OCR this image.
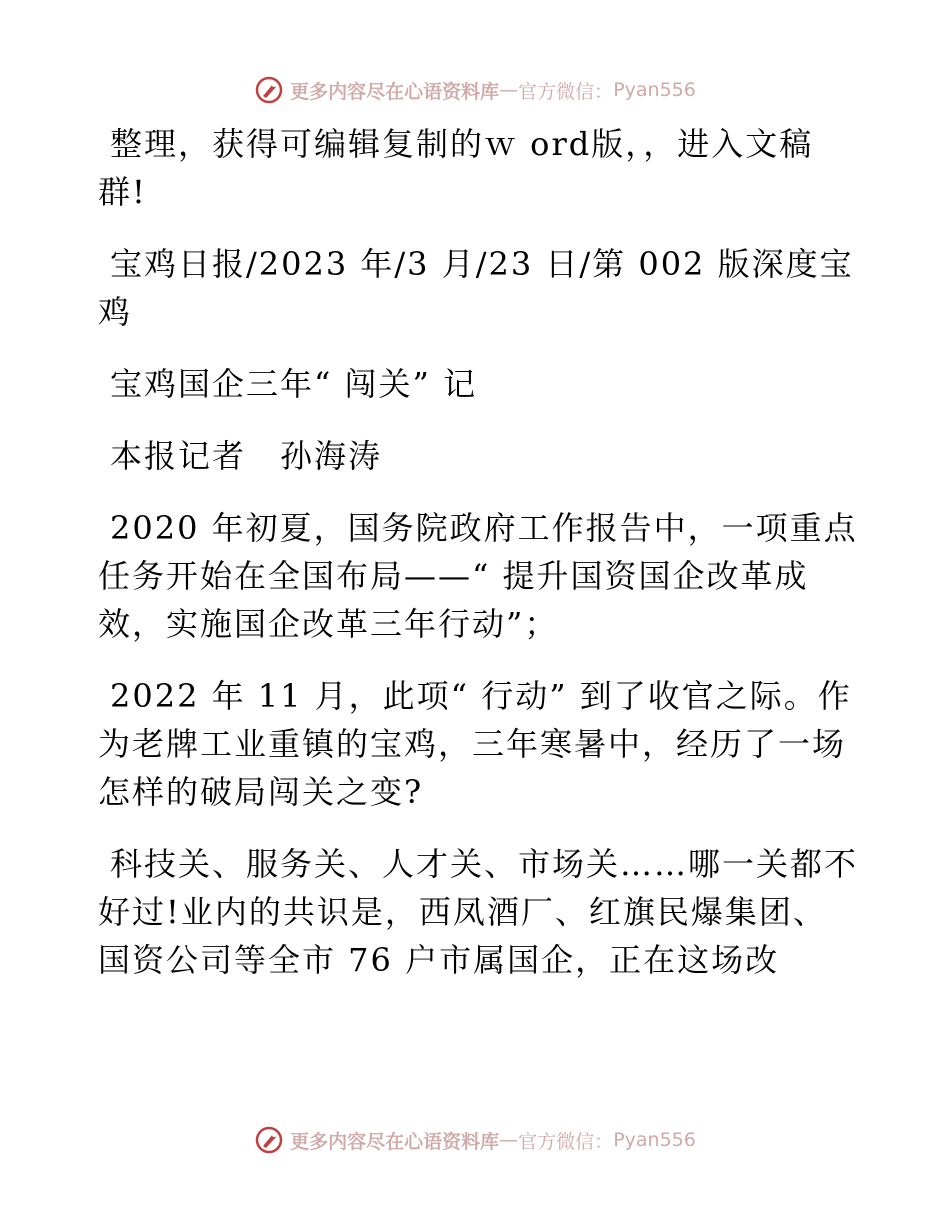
更多内容尽在心语资料库 — 官方微信： Pyan556

整理，获得可编辑复制的ｗ ord版，，进入文稿群!

宝鸡日报/2023 年/3 月/23 日/第 002 版深度宝鸡

宝鸡国企三年“ 闯关” 记

本报记者　孙海涛

2020 年初夏，国务院政府工作报告中，一项重点任务开始在全国布局——“ 提升国资国企改革成效，实施国企改革三年行动”；

2022 年 11 月，此项“ 行动” 到了收官之际。作为老牌工业重镇的宝鸡，三年寒暑中，经历了一场怎样的破局闯关之变?

科技关、服务关、人才关、市场关……哪一关都不好过!业内的共识是，西凤酒厂、红旗民爆集团、国资公司等全市 76 户市属国企，正在这场改

更多内容尽在心语资料库 — 官方微信： Pyan556
